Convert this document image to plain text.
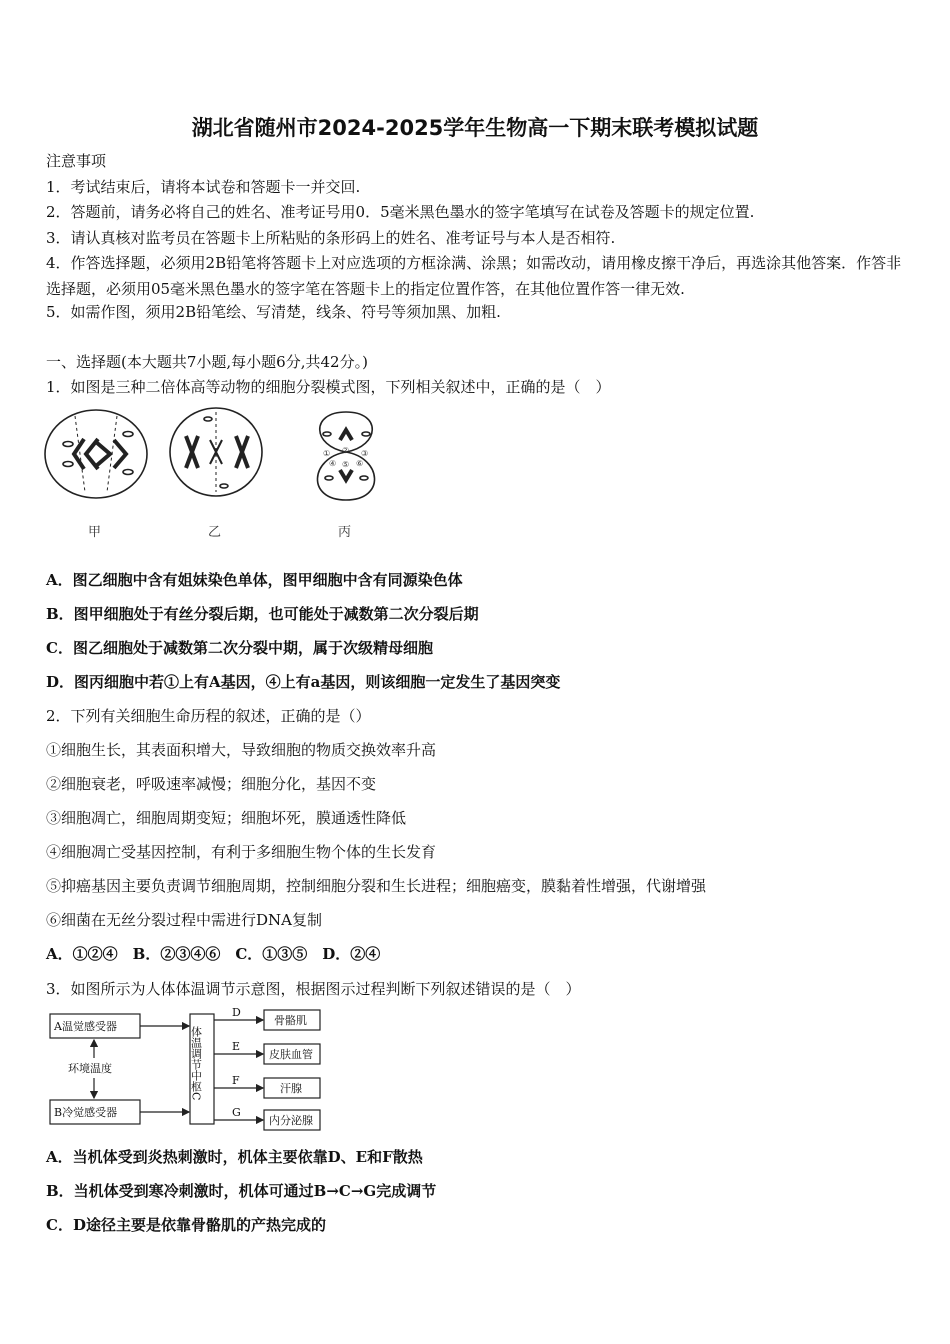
湖北省随州市2024-2025学年生物高一下期末联考模拟试题
注意事项
1．考试结束后，请将本试卷和答题卡一并交回.
2．答题前，请务必将自己的姓名、准考证号用0．5毫米黑色墨水的签字笔填写在试卷及答题卡的规定位置.
3．请认真核对监考员在答题卡上所粘贴的条形码上的姓名、准考证号与本人是否相符.
4．作答选择题，必须用2B铅笔将答题卡上对应选项的方框涂满、涂黑；如需改动，请用橡皮擦干净后，再选涂其他答案．作答非选择题，必须用05毫米黑色墨水的签字笔在答题卡上的指定位置作答，在其他位置作答一律无效.
5．如需作图，须用2B铅笔绘、写清楚，线条、符号等须加黑、加粗.
一、选择题(本大题共7小题,每小题6分,共42分。)
1．如图是三种二倍体高等动物的细胞分裂模式图，下列相关叙述中，正确的是（　）
① ② ③
④ ⑤ ⑥
甲	乙	丙
A．图乙细胞中含有姐妹染色单体，图甲细胞中含有同源染色体
B．图甲细胞处于有丝分裂后期，也可能处于减数第二次分裂后期
C．图乙细胞处于减数第二次分裂中期，属于次级精母细胞
D．图丙细胞中若①上有A基因，④上有a基因，则该细胞一定发生了基因突变
2．下列有关细胞生命历程的叙述，正确的是（）
①细胞生长，其表面积增大，导致细胞的物质交换效率升高
②细胞衰老，呼吸速率减慢；细胞分化，基因不变
③细胞凋亡，细胞周期变短；细胞坏死，膜通透性降低
④细胞凋亡受基因控制，有利于多细胞生物个体的生长发育
⑤抑癌基因主要负责调节细胞周期，控制细胞分裂和生长进程；细胞癌变，膜黏着性增强，代谢增强
⑥细菌在无丝分裂过程中需进行DNA复制
A．①②④　B．②③④⑥　C．①③⑤　D．②④
3．如图所示为人体体温调节示意图，根据图示过程判断下列叙述错误的是（　）
A温觉感受器
环境温度
B冷觉感受器
体温调节中枢C
D
E
F
G
骨骼肌
皮肤血管
汗腺
内分泌腺
A．当机体受到炎热刺激时，机体主要依靠D、E和F散热
B．当机体受到寒冷刺激时，机体可通过B→C→G完成调节
C．D途径主要是依靠骨骼肌的产热完成的
